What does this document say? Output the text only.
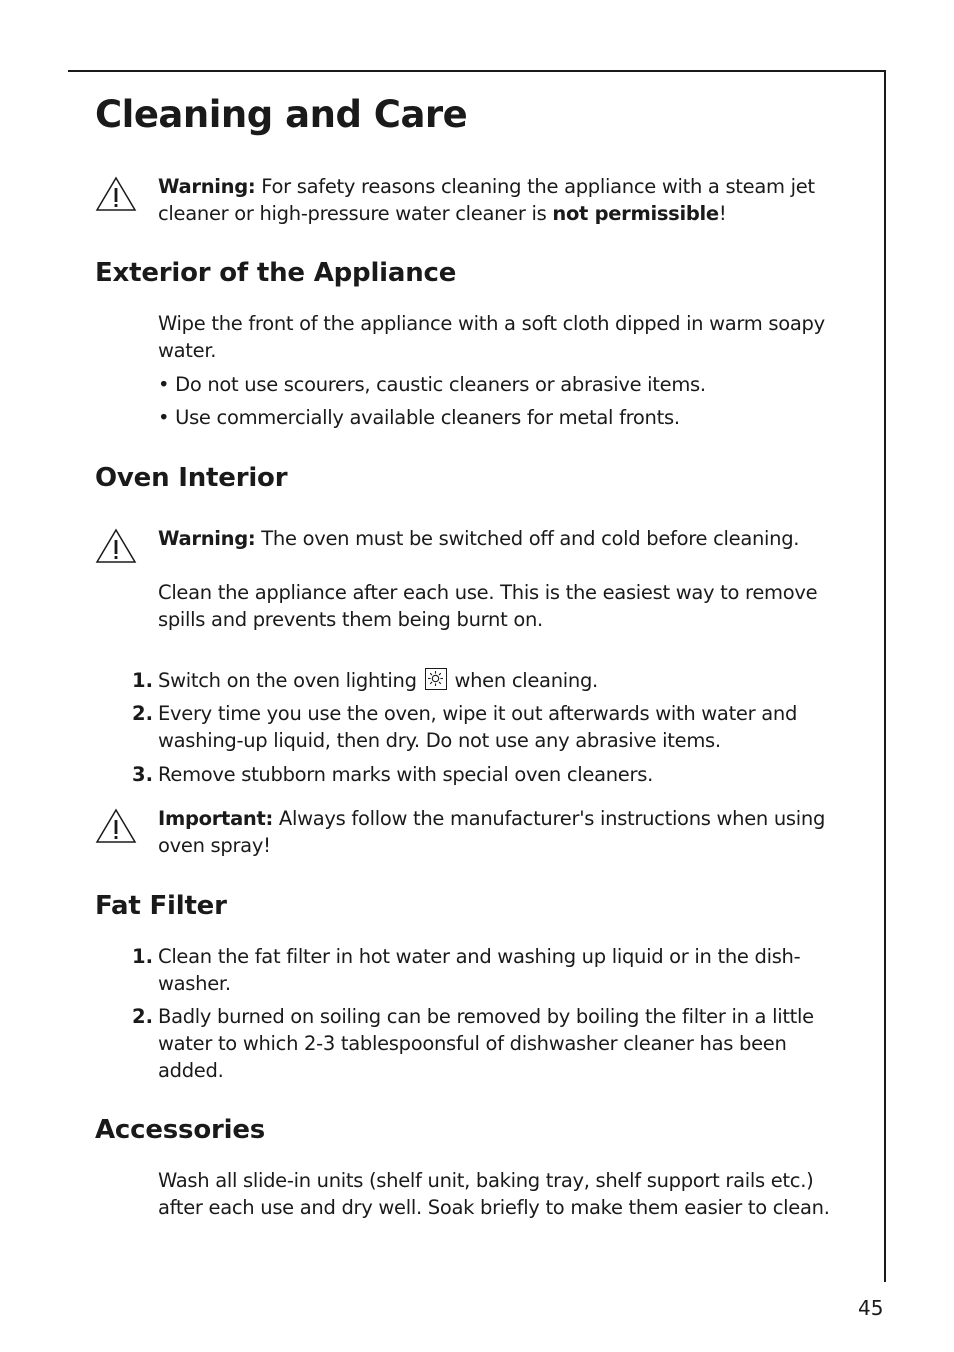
Cleaning and Care
Warning: For safety reasons cleaning the appliance with a steam jet
cleaner or high-pressure water cleaner is not permissible!
Exterior of the Appliance
Wipe the front of the appliance with a soft cloth dipped in warm soapy
water.
• Do not use scourers, caustic cleaners or abrasive items.
• Use commercially available cleaners for metal fronts.
Oven Interior
Warning: The oven must be switched off and cold before cleaning.
Clean the appliance after each use. This is the easiest way to remove
spills and prevents them being burnt on.
1. Switch on the oven lighting
when cleaning.
2. Every time you use the oven, wipe it out afterwards with water and
washing-up liquid, then dry. Do not use any abrasive items.
3. Remove stubborn marks with special oven cleaners.
Important: Always follow the manufacturer's instructions when using
oven spray!
Fat Filter
1. Clean the fat filter in hot water and washing up liquid or in the dish-
washer.
2. Badly burned on soiling can be removed by boiling the filter in a little
water to which 2-3 tablespoonsful of dishwasher cleaner has been
added.
Accessories
Wash all slide-in units (shelf unit, baking tray, shelf support rails etc.)
after each use and dry well. Soak briefly to make them easier to clean.
45
